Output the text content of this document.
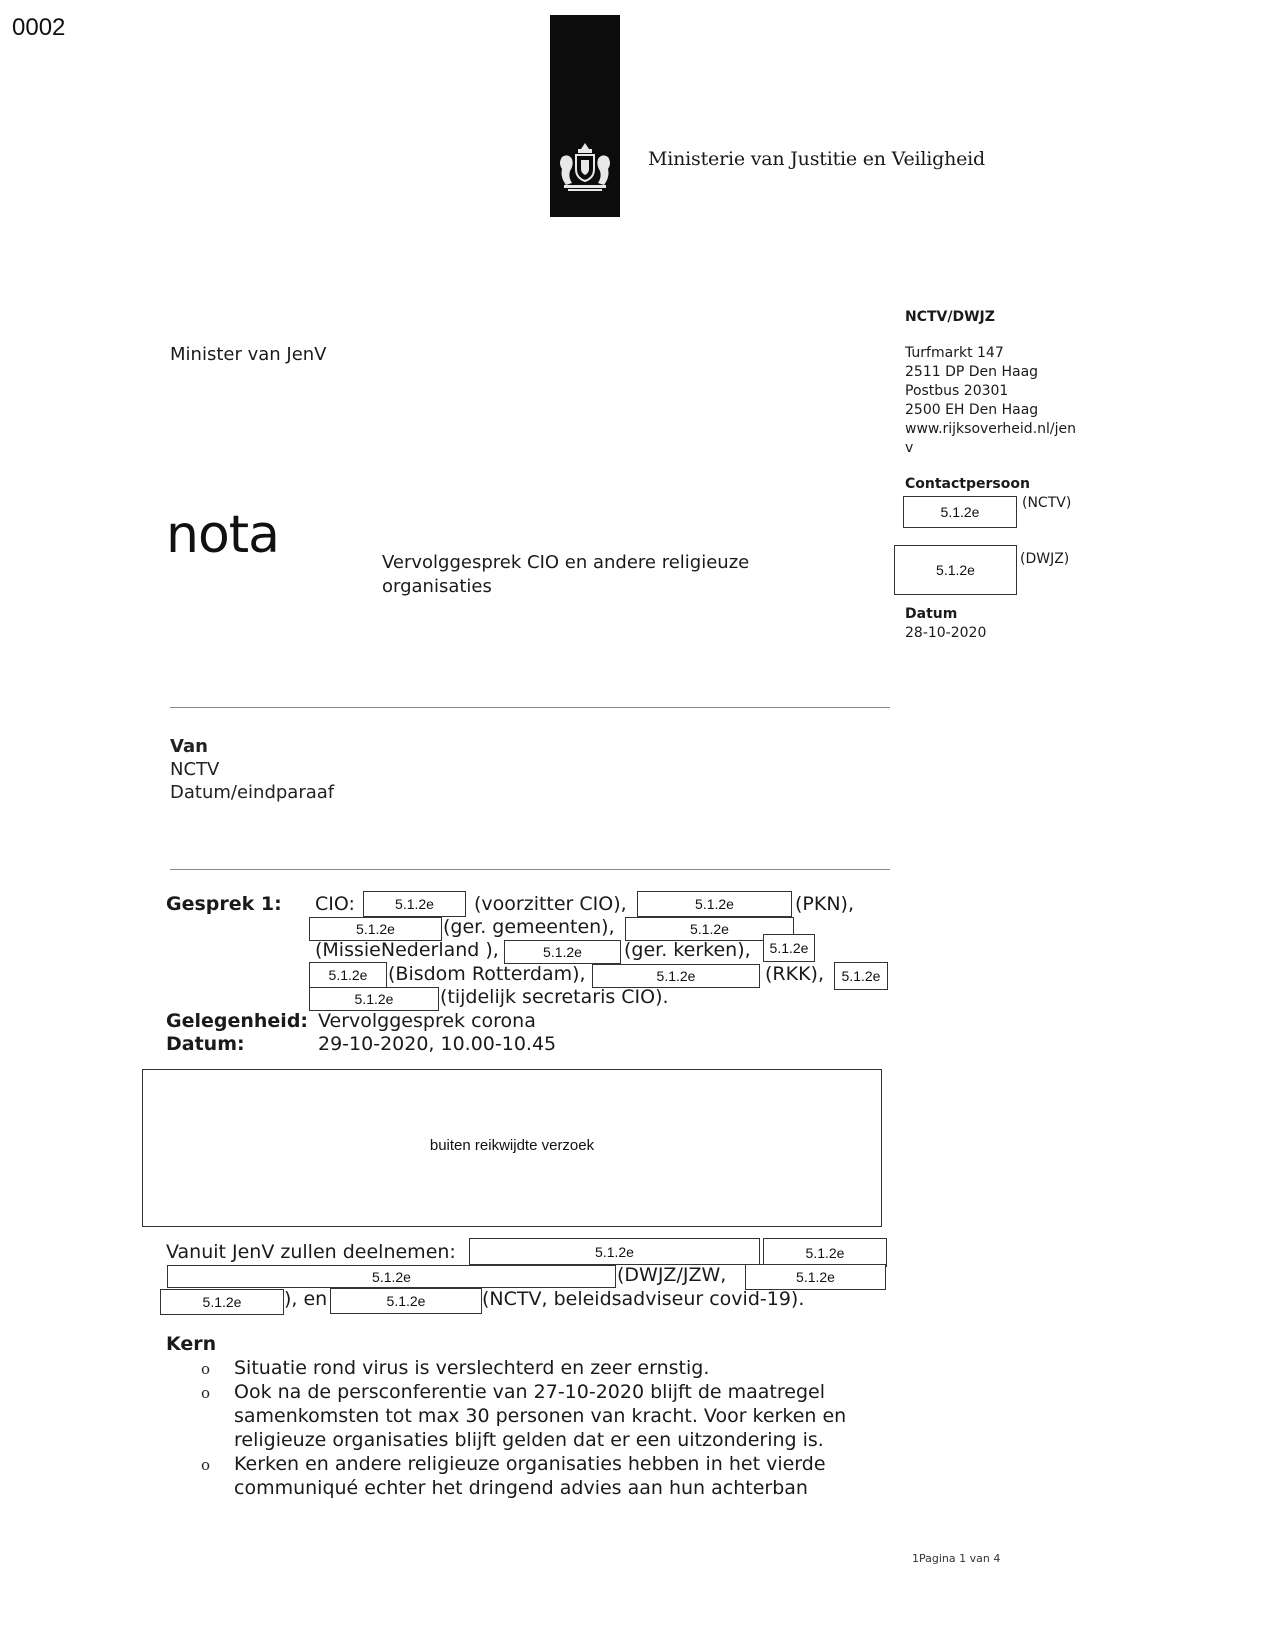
0002
Ministerie van Justitie en Veiligheid
NCTV/DWJZ
Turfmarkt 147
2511 DP Den Haag
Postbus 20301
2500 EH Den Haag
www.rijksoverheid.nl/jen
v
Contactpersoon
5.1.2e
(NCTV)
5.1.2e
(DWJZ)
Datum
28-10-2020
Minister van JenV
nota	Vervolggesprek CIO en andere religieuze organisaties
Van
NCTV
Datum/eindparaaf
Gesprek 1: CIO:	5.1.2e	(voorzitter CIO),	5.1.2e	(PKN),
5.1.2e	(ger. gemeenten),	5.1.2e
(MissieNederland ),	5.1.2e	(ger. kerken),	5.1.2e
5.1.2e	(Bisdom Rotterdam),	5.1.2e	(RKK),	5.1.2e
5.1.2e	(tijdelijk secretaris CIO).
Gelegenheid: Vervolggesprek corona
Datum:	29-10-2020, 10.00-10.45
buiten reikwijdte verzoek
Vanuit JenV zullen deelnemen:	5.1.2e	5.1.2e
5.1.2e	(DWJZ/JZW,	5.1.2e
5.1.2e	), en	5.1.2e	(NCTV, beleidsadviseur covid-19).
Kern
o Situatie rond virus is verslechterd en zeer ernstig.
o Ook na de persconferentie van 27-10-2020 blijft de maatregel samenkomsten tot max 30 personen van kracht. Voor kerken en religieuze organisaties blijft gelden dat er een uitzondering is.
o Kerken en andere religieuze organisaties hebben in het vierde communiqué echter het dringend advies aan hun achterban
1Pagina 1 van 4
